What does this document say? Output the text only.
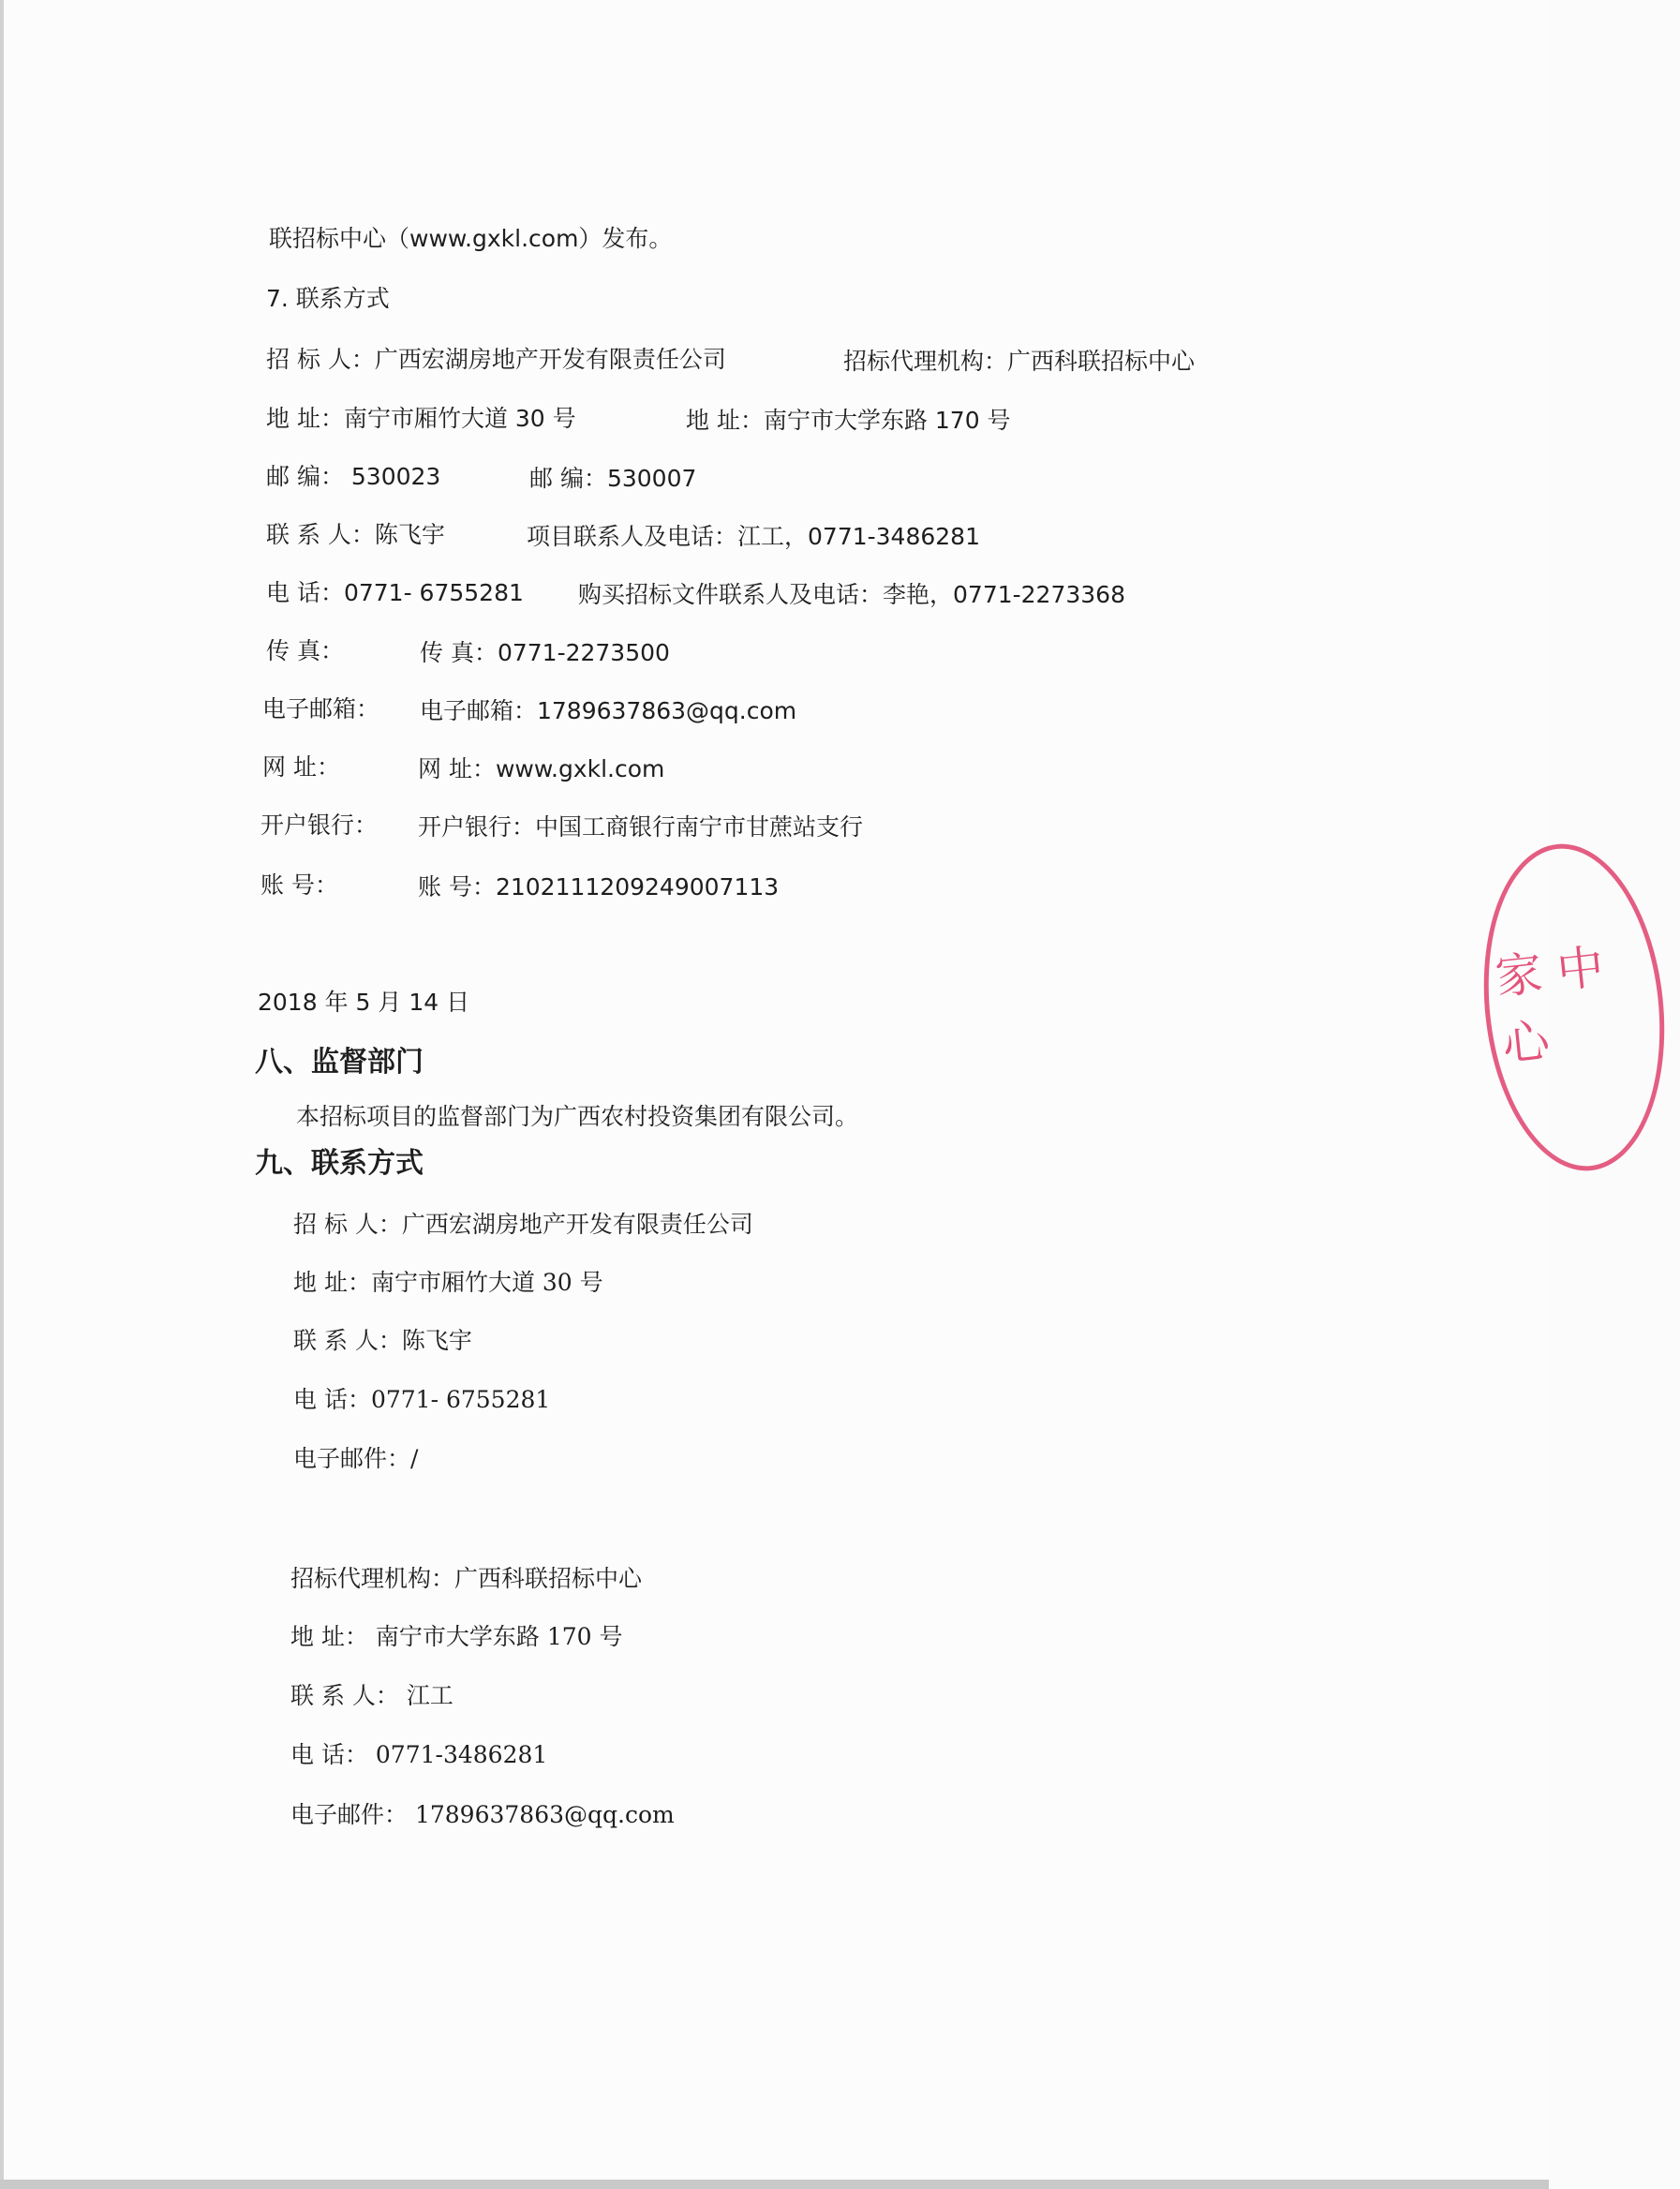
联招标中心（www.gxkl.com）发布。
7. 联系方式
招 标 人：广西宏湖房地产开发有限责任公司
地 址：南宁市厢竹大道 30 号
邮 编： 530023
联 系 人：陈飞宇
电 话：0771- 6755281
传 真：
电子邮箱：
网 址：
开户银行：
账 号：
招标代理机构：广西科联招标中心
地 址：南宁市大学东路 170 号
邮 编：530007
项目联系人及电话：江工，0771-3486281
购买招标文件联系人及电话：李艳，0771-2273368
传 真：0771-2273500
电子邮箱：1789637863@qq.com
网 址：www.gxkl.com
开户银行：中国工商银行南宁市甘蔗站支行
账 号：2102111209249007113
2018 年 5 月 14 日
八、监督部门
本招标项目的监督部门为广西农村投资集团有限公司。
九、联系方式
招 标 人：广西宏湖房地产开发有限责任公司
地 址：南宁市厢竹大道 30 号
联 系 人：陈飞宇
电 话：0771- 6755281
电子邮件：/
招标代理机构：广西科联招标中心
地 址： 南宁市大学东路 170 号
联 系 人： 江工
电 话： 0771-3486281
电子邮件： 1789637863@qq.com
家 中 心
